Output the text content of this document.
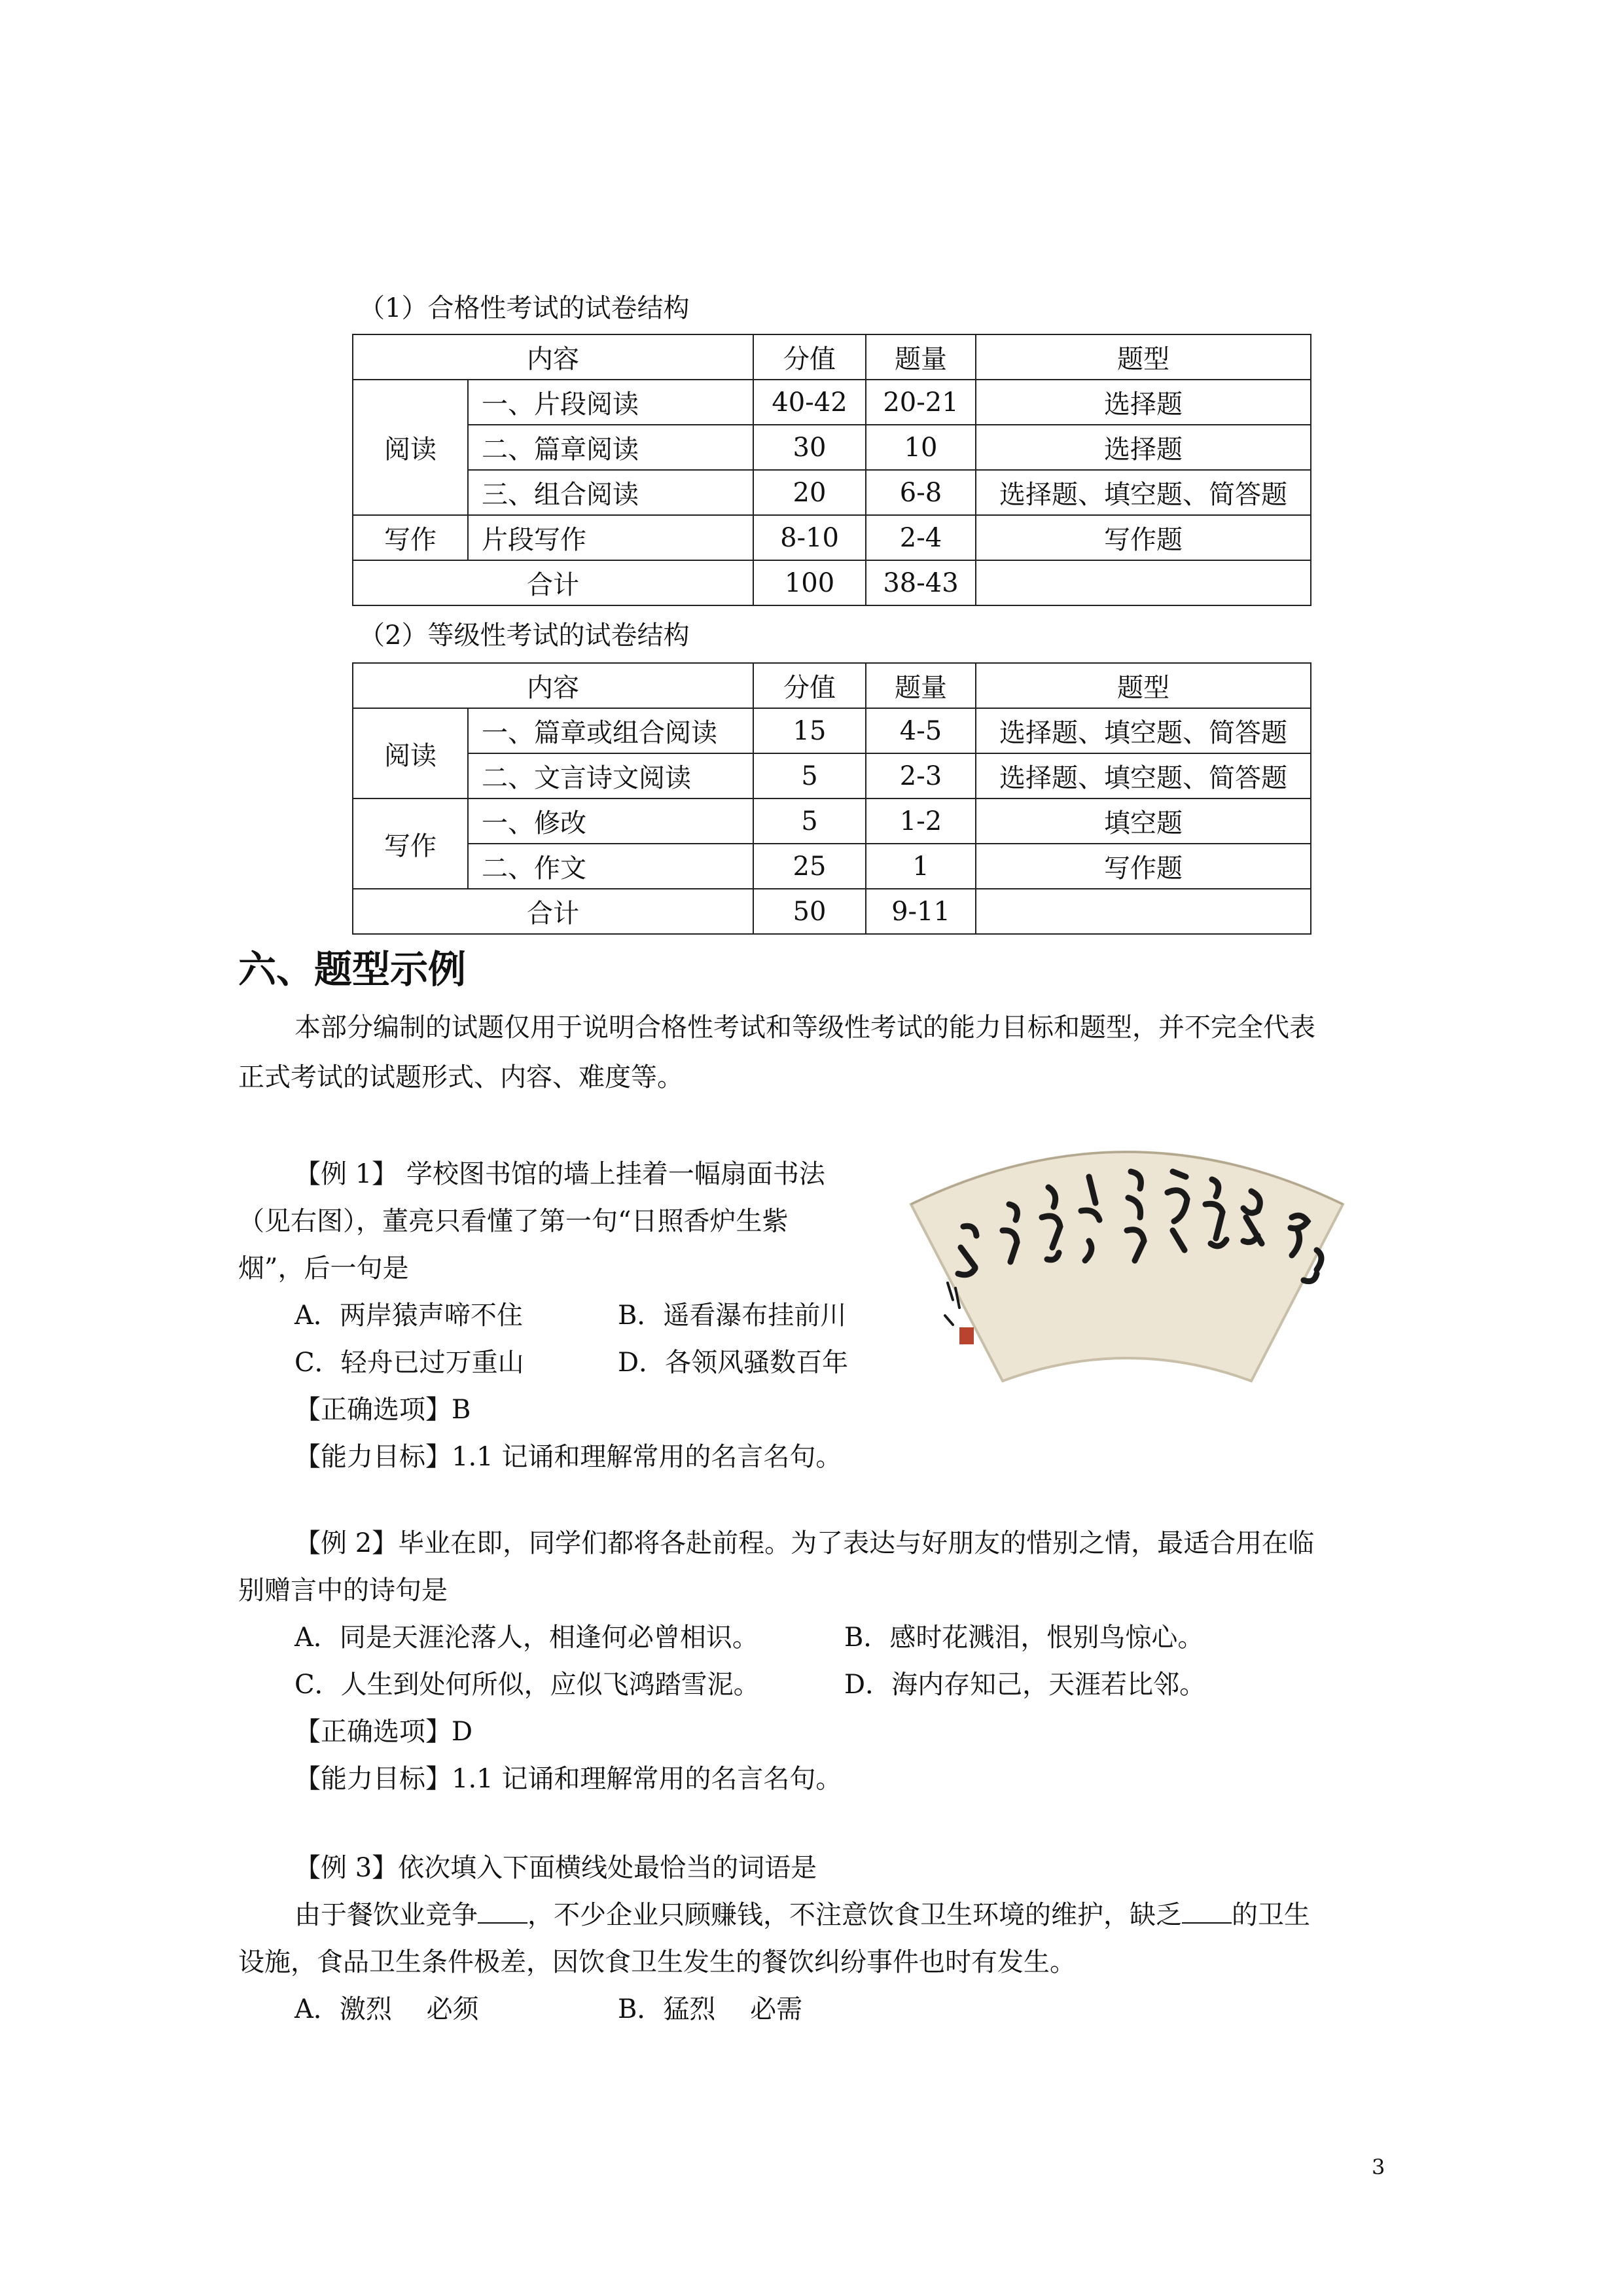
（1）合格性考试的试卷结构
内容		分值	题量	题型
阅读	一、片段阅读	40-42	20-21	选择题
	二、篇章阅读	30	10	选择题
	三、组合阅读	20	6-8	选择题、填空题、简答题
写作	片段写作	8-10	2-4	写作题
合计		100	38-43	
（2）等级性考试的试卷结构
内容		分值	题量	题型
阅读	一、篇章或组合阅读	15	4-5	选择题、填空题、简答题
	二、文言诗文阅读	5	2-3	选择题、填空题、简答题
写作	一、修改	5	1-2	填空题
	二、作文	25	1	写作题
合计		50	9-11	
六、题型示例
本部分编制的试题仅用于说明合格性考试和等级性考试的能力目标和题型，并不完全代表
正式考试的试题形式、内容、难度等。
【例 1】 学校图书馆的墙上挂着一幅扇面书法
（见右图），董亮只看懂了第一句“日照香炉生紫
烟”，后一句是
A．两岸猿声啼不住	B．遥看瀑布挂前川
C．轻舟已过万重山	D．各领风骚数百年
【正确选项】B
【能力目标】1.1 记诵和理解常用的名言名句。
【例 2】毕业在即，同学们都将各赴前程。为了表达与好朋友的惜别之情，最适合用在临
别赠言中的诗句是
A．同是天涯沦落人，相逢何必曾相识。	B．感时花溅泪，恨别鸟惊心。
C．人生到处何所似，应似飞鸿踏雪泥。	D．海内存知己，天涯若比邻。
【正确选项】D
【能力目标】1.1 记诵和理解常用的名言名句。
【例 3】依次填入下面横线处最恰当的词语是
由于餐饮业竞争 ，不少企业只顾赚钱，不注意饮食卫生环境的维护，缺乏 的卫生
设施，食品卫生条件极差，因饮食卫生发生的餐饮纠纷事件也时有发生。
A．激烈　 必须	B．猛烈　 必需
3
